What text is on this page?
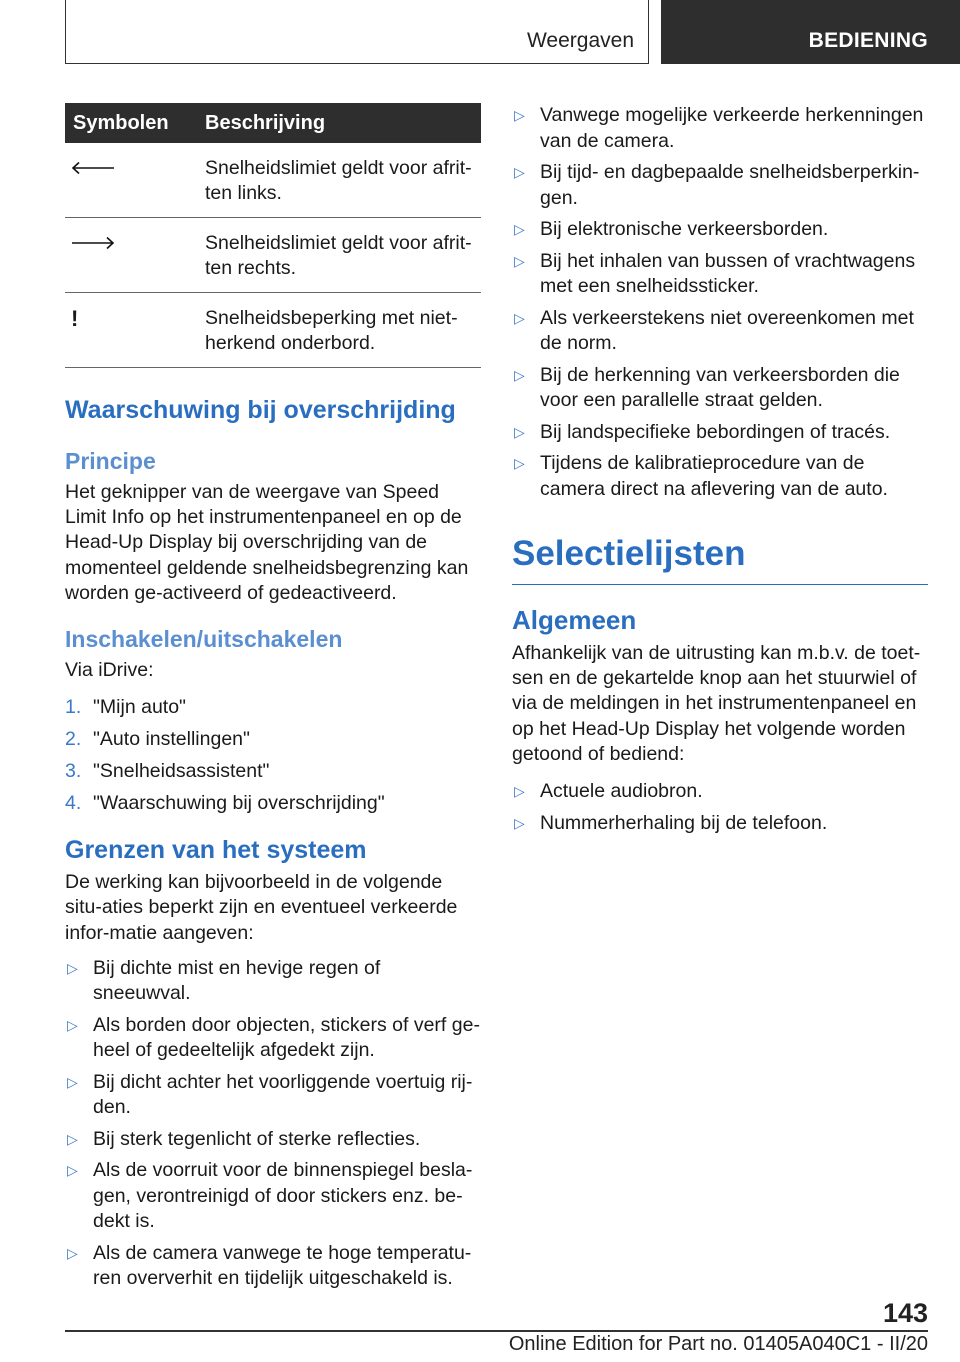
Weergaven	BEDIENING
Symbolen	Beschrijving

	Snelheidslimiet geldt voor afrit-ten links.

	Snelheidslimiet geldt voor afrit-ten rechts.
!	Snelheidsbeperking met niet-herkend onderbord.
Waarschuwing bij overschrijding
Principe

Het geknipper van de weergave van Speed Limit Info op het instrumentenpaneel en op de Head-Up Display bij overschrijding van de momenteel geldende snelheidsbegrenzing kan worden ge-activeerd of gedeactiveerd.

Inschakelen/uitschakelen

Via iDrive:

1. "Mijn auto"
2. "Auto instellingen"
3. "Snelheidsassistent"
4. "Waarschuwing bij overschrijding"
Grenzen van het systeem

De werking kan bijvoorbeeld in de volgende situ-aties beperkt zijn en eventueel verkeerde infor-matie aangeven:

▷ Bij dichte mist en hevige regen of sneeuwval.
▷ Als borden door objecten, stickers of verf ge-heel of gedeeltelijk afgedekt zijn.
▷ Bij dicht achter het voorliggende voertuig rij-den.
▷ Bij sterk tegenlicht of sterke reflecties.
▷ Als de voorruit voor de binnenspiegel besla-gen, verontreinigd of door stickers enz. be-dekt is.
▷ Als de camera vanwege te hoge temperatu-ren oververhit en tijdelijk uitgeschakeld is.
▷ Vanwege mogelijke verkeerde herkenningen van de camera.
▷ Bij tijd- en dagbepaalde snelheidsberperkin-gen.
▷ Bij elektronische verkeersborden.
▷ Bij het inhalen van bussen of vrachtwagens met een snelheidssticker.
▷ Als verkeerstekens niet overeenkomen met de norm.
▷ Bij de herkenning van verkeersborden die voor een parallelle straat gelden.
▷ Bij landspecifieke bebordingen of tracés.
▷ Tijdens de kalibratieprocedure van de camera direct na aflevering van de auto.
Selectielijsten
Algemeen

Afhankelijk van de uitrusting kan m.b.v. de toet-sen en de gekartelde knop aan het stuurwiel of via de meldingen in het instrumentenpaneel en op het Head-Up Display het volgende worden getoond of bediend:

▷ Actuele audiobron.
▷ Nummerherhaling bij de telefoon.
143
Online Edition for Part no. 01405A040C1 - II/20
